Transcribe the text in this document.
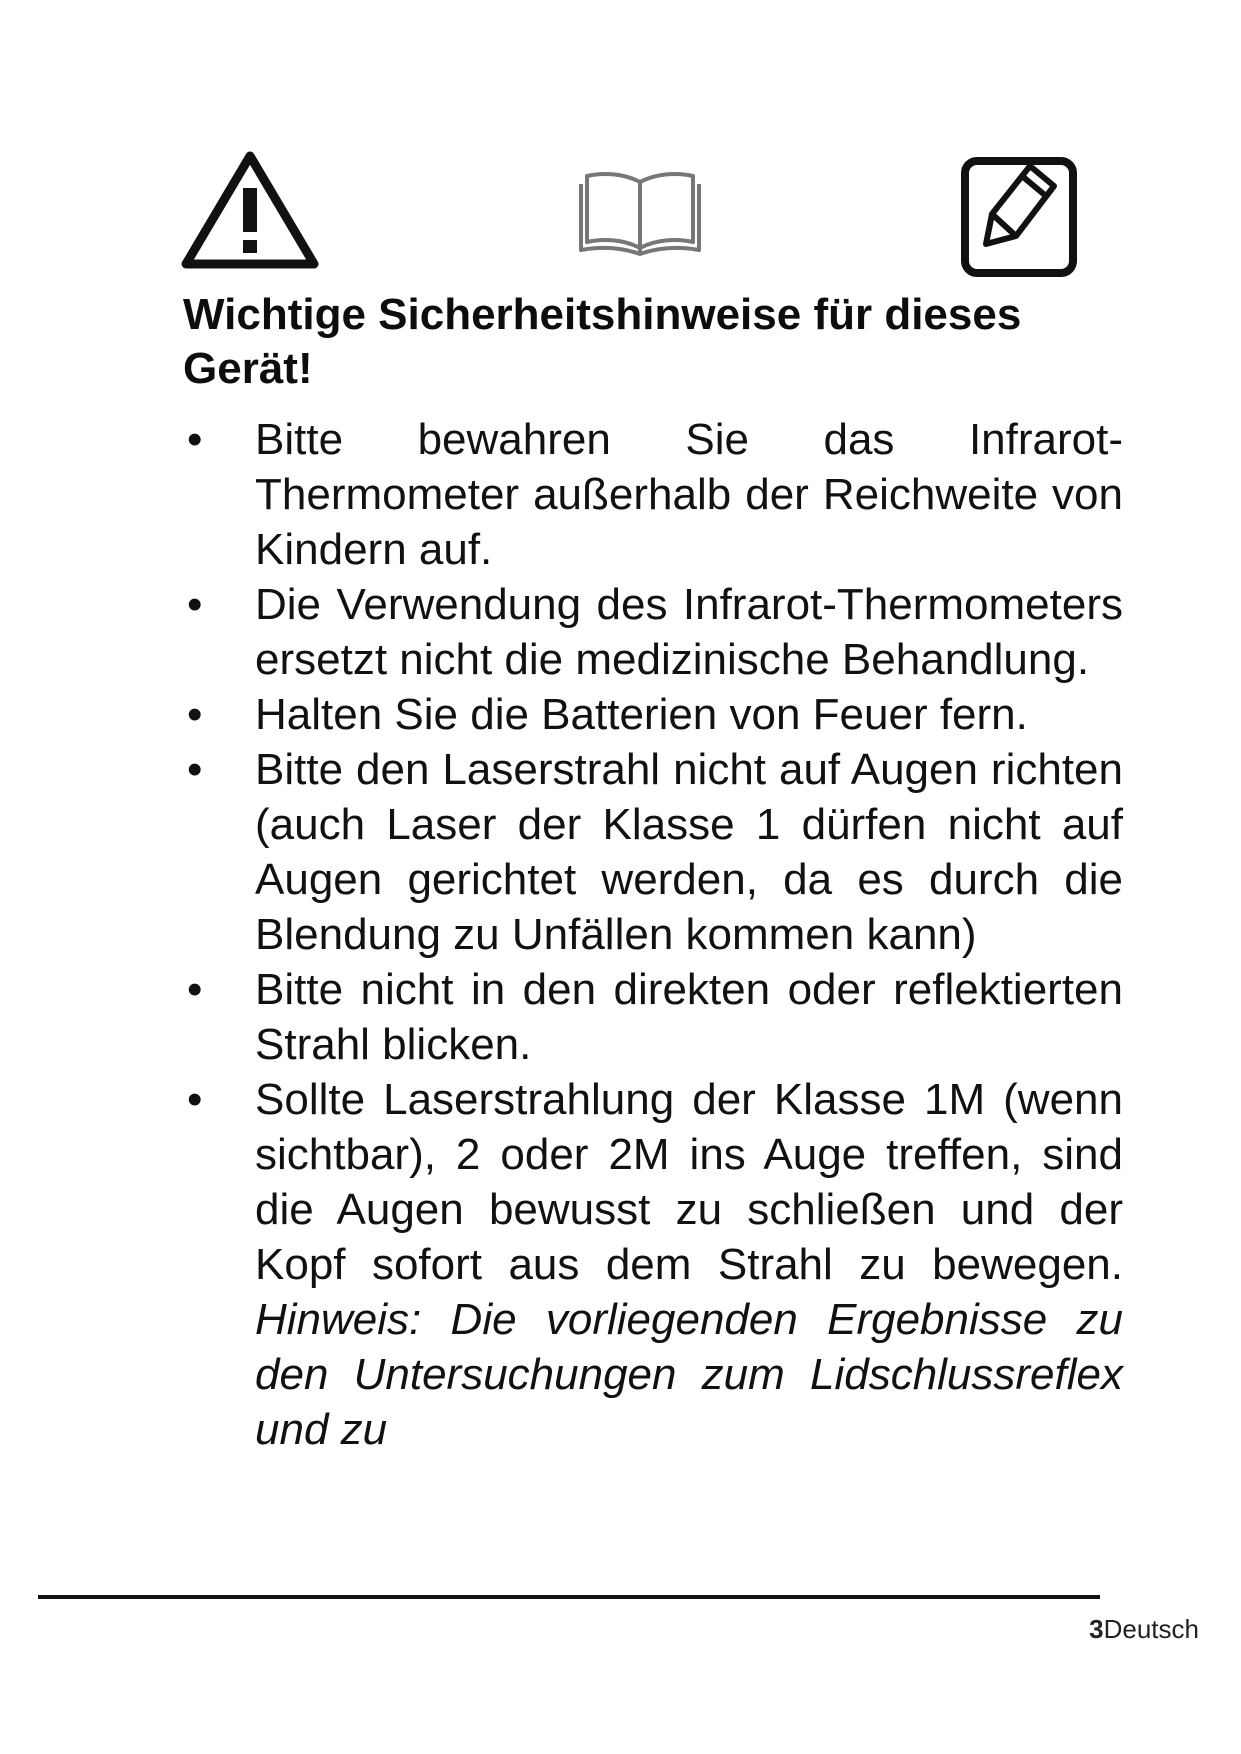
Wichtige Sicherheitshinweise für dieses Gerät!
• Bitte bewahren Sie das Infrarot-Thermometer außerhalb der Reichweite von Kindern auf.
• Die Verwendung des Infrarot-Thermometers ersetzt nicht die medizinische Behandlung.
• Halten Sie die Batterien von Feuer fern.
• Bitte den Laserstrahl nicht auf Augen richten (auch Laser der Klasse 1 dürfen nicht auf Augen gerichtet werden, da es durch die Blendung zu Unfällen kommen kann)
• Bitte nicht in den direkten oder reflektierten Strahl blicken.
• Sollte Laserstrahlung der Klasse 1M (wenn sichtbar), 2 oder 2M ins Auge treffen, sind die Augen bewusst zu schließen und der Kopf sofort aus dem Strahl zu bewegen. Hinweis: Die vorliegenden Ergebnisse zu den Untersuchungen zum Lidschlussreflex und zu
3Deutsch
